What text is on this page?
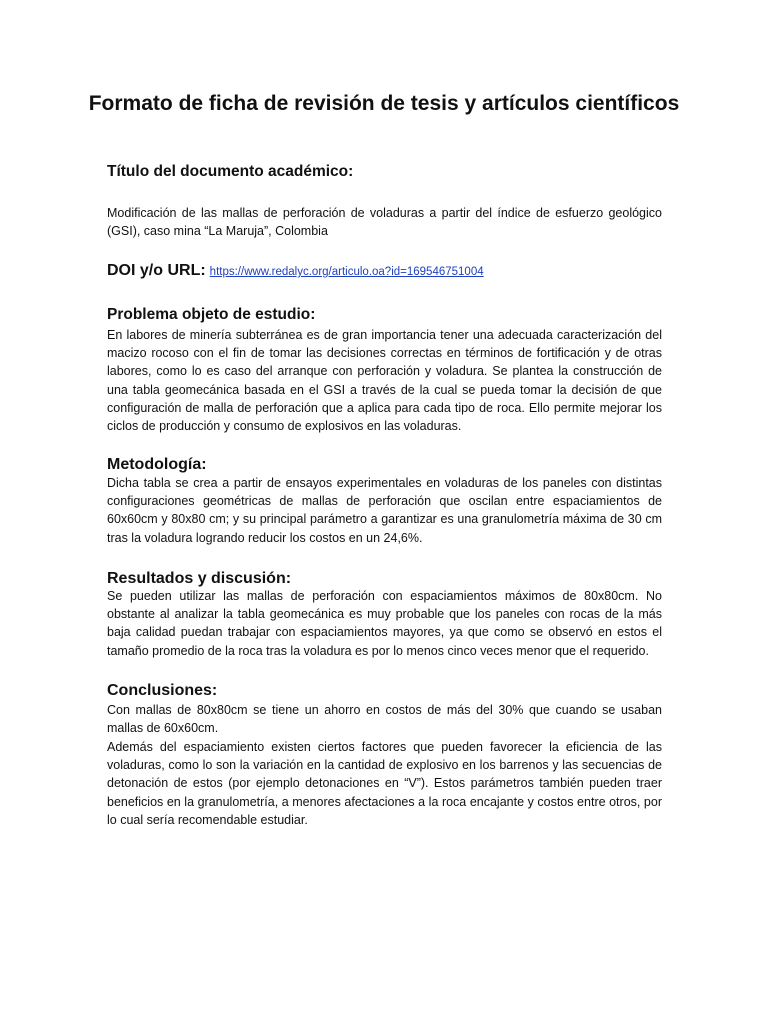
Formato de ficha de revisión de tesis y artículos científicos
Título del documento académico:

Modificación de las mallas de perforación de voladuras a partir del índice de esfuerzo geológico (GSI), caso mina “La Maruja”, Colombia

DOI y/o URL: https://www.redalyc.org/articulo.oa?id=169546751004
Problema objeto de estudio:

En labores de minería subterránea es de gran importancia tener una adecuada caracterización del macizo rocoso con el fin de tomar las decisiones correctas en términos de fortificación y de otras labores, como lo es caso del arranque con perforación y voladura. Se plantea la construcción de una tabla geomecánica basada en el GSI a través de la cual se pueda tomar la decisión de que configuración de malla de perforación que a aplica para cada tipo de roca. Ello permite mejorar los ciclos de producción y consumo de explosivos en las voladuras.

Metodología:

Dicha tabla se crea a partir de ensayos experimentales en voladuras de los paneles con distintas configuraciones geométricas de mallas de perforación que oscilan entre espaciamientos de 60x60cm y 80x80 cm; y su principal parámetro a garantizar es una granulometría máxima de 30 cm tras la voladura logrando reducir los costos en un 24,6%.

Resultados y discusión:

Se pueden utilizar las mallas de perforación con espaciamientos máximos de 80x80cm. No obstante al analizar la tabla geomecánica es muy probable que los paneles con rocas de la más baja calidad puedan trabajar con espaciamientos mayores, ya que como se observó en estos el tamaño promedio de la roca tras la voladura es por lo menos cinco veces menor que el requerido.

Conclusiones:

Con mallas de 80x80cm se tiene un ahorro en costos de más del 30% que cuando se usaban mallas de 60x60cm.

Además del espaciamiento existen ciertos factores que pueden favorecer la eficiencia de las voladuras, como lo son la variación en la cantidad de explosivo en los barrenos y las secuencias de detonación de estos (por ejemplo detonaciones en “V”). Estos parámetros también pueden traer beneficios en la granulometría, a menores afectaciones a la roca encajante y costos entre otros, por lo cual sería recomendable estudiar.
